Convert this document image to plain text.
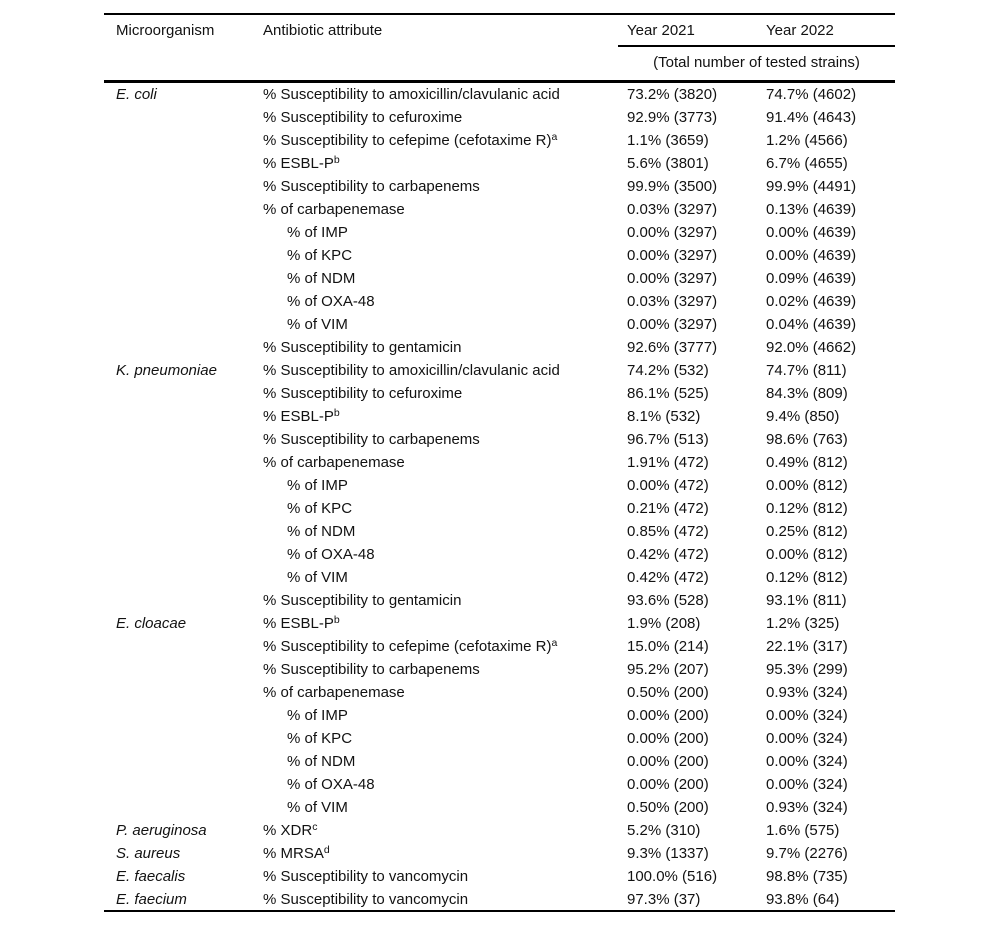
Microorganism	Antibiotic attribute	Year 2021	Year 2022
(Total number of tested strains)
E. coli	% Susceptibility to amoxicillin/clavulanic acid	73.2% (3820)	74.7% (4602)
% Susceptibility to cefuroxime	92.9% (3773)	91.4% (4643)
% Susceptibility to cefepime (cefotaxime R)$^a$	1.1% (3659)	1.2% (4566)
% ESBL-$P^b$	5.6% (3801)	6.7% (4655)
% Susceptibility to carbapenems	99.9% (3500)	99.9% (4491)
% of carbapenemase	0.03% (3297)	0.13% (4639)
% of IMP	0.00% (3297)	0.00% (4639)
% of KPC	0.00% (3297)	0.00% (4639)
% of NDM	0.00% (3297)	0.09% (4639)
% of OXA-48	0.03% (3297)	0.02% (4639)
% of VIM	0.00% (3297)	0.04% (4639)
% Susceptibility to gentamicin	92.6% (3777)	92.0% (4662)
K. pneumoniae	% Susceptibility to amoxicillin/clavulanic acid	74.2% (532)	74.7% (811)
% Susceptibility to cefuroxime	86.1% (525)	84.3% (809)
% ESBL-$P^b$	8.1% (532)	9.4% (850)
% Susceptibility to carbapenems	96.7% (513)	98.6% (763)
% of carbapenemase	1.91% (472)	0.49% (812)
% of IMP	0.00% (472)	0.00% (812)
% of KPC	0.21% (472)	0.12% (812)
% of NDM	0.85% (472)	0.25% (812)
% of OXA-48	0.42% (472)	0.00% (812)
% of VIM	0.42% (472)	0.12% (812)
% Susceptibility to gentamicin	93.6% (528)	93.1% (811)
E. cloacae	% ESBL-$P^b$	1.9% (208)	1.2% (325)
% Susceptibility to cefepime (cefotaxime R)$^a$	15.0% (214)	22.1% (317)
% Susceptibility to carbapenems	95.2% (207)	95.3% (299)
% of carbapenemase	0.50% (200)	0.93% (324)
% of IMP	0.00% (200)	0.00% (324)
% of KPC	0.00% (200)	0.00% (324)
% of NDM	0.00% (200)	0.00% (324)
% of OXA-48	0.00% (200)	0.00% (324)
% of VIM	0.50% (200)	0.93% (324)
P. aeruginosa	% XDR$^c$	5.2% (310)	1.6% (575)
S. aureus	% MRSA$^d$	9.3% (1337)	9.7% (2276)
E. faecalis	% Susceptibility to vancomycin	100.0% (516)	98.8% (735)
E. faecium	% Susceptibility to vancomycin	97.3% (37)	93.8% (64)
